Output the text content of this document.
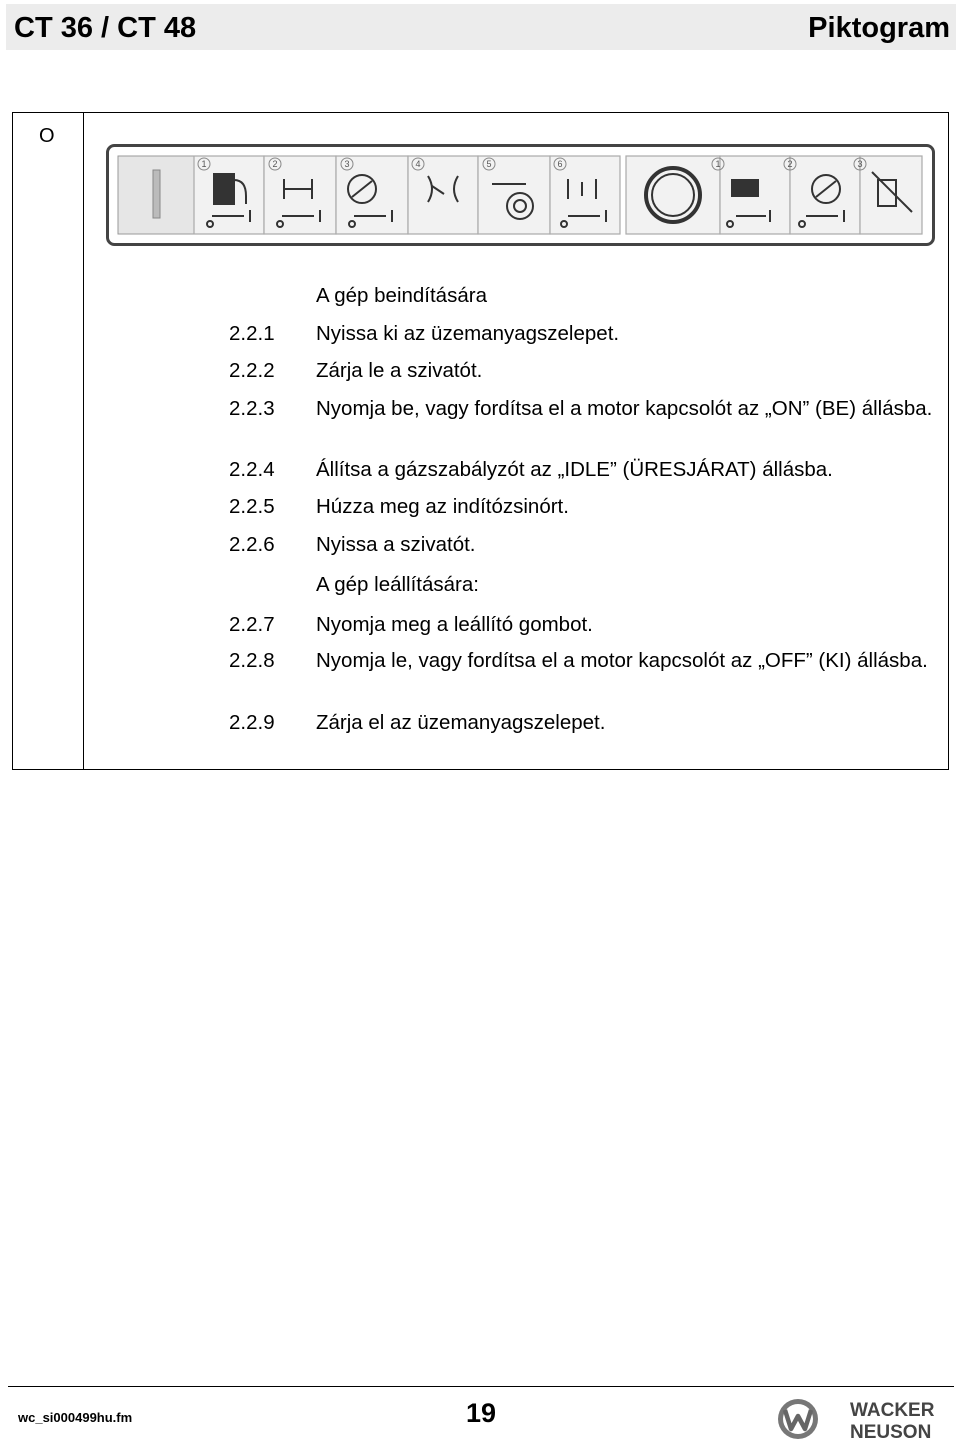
CT 36 / CT 48	Piktogram
O
1	2	3	4	5	6	1	2	3
A gép beindítására
2.2.1 Nyissa ki az üzemanyagszelepet.
2.2.2 Zárja le a szivatót.
2.2.3 Nyomja be, vagy fordítsa el a motor kapcsolót az „ON” (BE) állásba.
2.2.4 Állítsa a gázszabályzót az „IDLE” (ÜRESJÁRAT) állásba.
2.2.5 Húzza meg az indítózsinórt.
2.2.6 Nyissa a szivatót.
A gép leállítására:
2.2.7 Nyomja meg a leállító gombot.
2.2.8 Nyomja le, vagy fordítsa el a motor kapcsolót az „OFF” (KI) állásba.
2.2.9 Zárja el az üzemanyagszelepet.
wc_si000499hu.fm	19	WACKER
NEUSON
